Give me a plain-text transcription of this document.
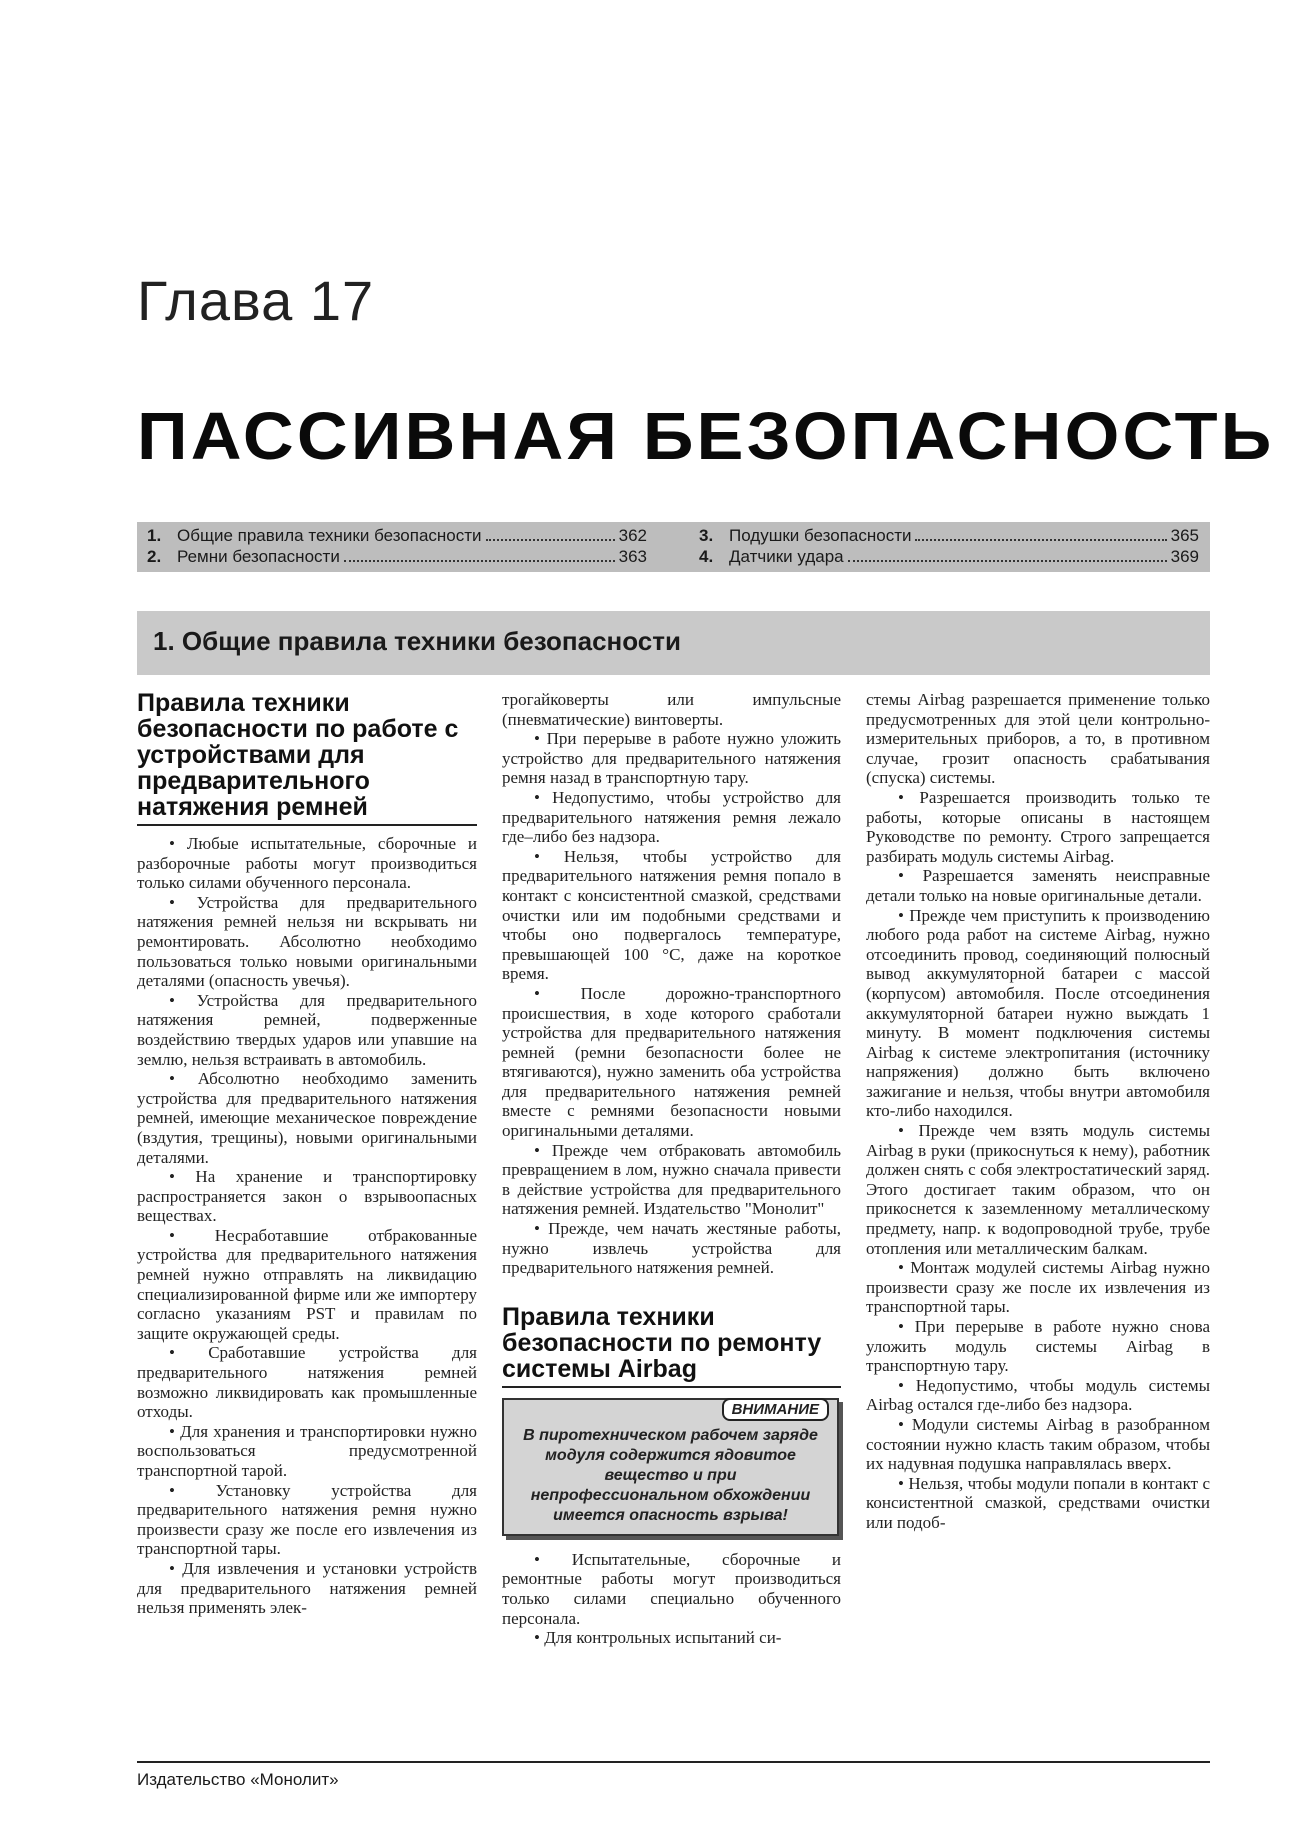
Глава 17
ПАССИВНАЯ БЕЗОПАСНОСТЬ
1. Общие правила техники безопасности	362
2. Ремни безопасности	363
3. Подушки безопасности	365
4. Датчики удара	369
1. Общие правила техники безопасности
Правила техники безопасности по работе с устройствами для предварительного натяжения ремней

• Любые испытательные, сборочные и разборочные работы могут производиться только силами обученного персонала.

• Устройства для предварительного натяжения ремней нельзя ни вскрывать ни ремонтировать. Абсолютно необходимо пользоваться только новыми оригинальными деталями (опасность увечья).

• Устройства для предварительного натяжения ремней, подверженные воздействию твердых ударов или упавшие на землю, нельзя встраивать в автомобиль.

• Абсолютно необходимо заменить устройства для предварительного натяжения ремней, имеющие механическое повреждение (вздутия, трещины), новыми оригинальными деталями.

• На хранение и транспортировку распространяется закон о взрывоопасных веществах.

• Несработавшие отбракованные устройства для предварительного натяжения ремней нужно отправлять на ликвидацию специализированной фирме или же импортеру согласно указаниям PST и правилам по защите окружающей среды.

• Сработавшие устройства для предварительного натяжения ремней возможно ликвидировать как промышленные отходы.

• Для хранения и транспортировки нужно воспользоваться предусмотренной транспортной тарой.

• Установку устройства для предварительного натяжения ремня нужно произвести сразу же после его извлечения из транспортной тары.

• Для извлечения и установки устройств для предварительного натяжения ремней нельзя применять элек-

трогайковерты или импульсные (пневматические) винтоверты.

• При перерыве в работе нужно уложить устройство для предварительного натяжения ремня назад в транспортную тару.

• Недопустимо, чтобы устройство для предварительного натяжения ремня лежало где–либо без надзора.

• Нельзя, чтобы устройство для предварительного натяжения ремня попало в контакт с консистентной смазкой, средствами очистки или им подобными средствами и чтобы оно подвергалось температуре, превышающей 100 °С, даже на короткое время.

• После дорожно-транспортного происшествия, в ходе которого сработали устройства для предварительного натяжения ремней (ремни безопасности более не втягиваются), нужно заменить оба устройства для предварительного натяжения ремней вместе с ремнями безопасности новыми оригинальными деталями.

• Прежде чем отбраковать автомобиль превращением в лом, нужно сначала привести в действие устройства для предварительного натяжения ремней. Издательство "Монолит"

• Прежде, чем начать жестяные работы, нужно извлечь устройства для предварительного натяжения ремней.

Правила техники безопасности по ремонту системы Airbag
ВНИМАНИЕ
В пиротехническом рабочем заряде модуля содержится ядовитое вещество и при непрофессиональном обхождении имеется опасность взрыва!

• Испытательные, сборочные и ремонтные работы могут производиться только силами специально обученного персонала.

• Для контрольных испытаний си-

стемы Airbag разрешается применение только предусмотренных для этой цели контрольно-измерительных приборов, а то, в противном случае, грозит опасность срабатывания (спуска) системы.

• Разрешается производить только те работы, которые описаны в настоящем Руководстве по ремонту. Строго запрещается разбирать модуль системы Airbag.

• Разрешается заменять неисправные детали только на новые оригинальные детали.

• Прежде чем приступить к производению любого рода работ на системе Airbag, нужно отсоединить провод, соединяющий полюсный вывод аккумуляторной батареи с массой (корпусом) автомобиля. После отсоединения аккумуляторной батареи нужно выждать 1 минуту. В момент подключения системы Airbag к системе электропитания (источнику напряжения) должно быть включено зажигание и нельзя, чтобы внутри автомобиля кто-либо находился.

• Прежде чем взять модуль системы Airbag в руки (прикоснуться к нему), работник должен снять с собя электростатический заряд. Этого достигает таким образом, что он прикоснется к заземленному металлическому предмету, напр. к водопроводной трубе, трубе отопления или металлическим балкам.

• Монтаж модулей системы Airbag нужно произвести сразу же после их извлечения из транспортной тары.

• При перерыве в работе нужно снова уложить модуль системы Airbag в транспортную тару.

• Недопустимо, чтобы модуль системы Airbag остался где-либо без надзора.

• Модули системы Airbag в разобранном состоянии нужно класть таким образом, чтобы их надувная подушка направлялась вверх.

• Нельзя, чтобы модули попали в контакт с консистентной смазкой, средствами очистки или подоб-

Издательство «Монолит»
